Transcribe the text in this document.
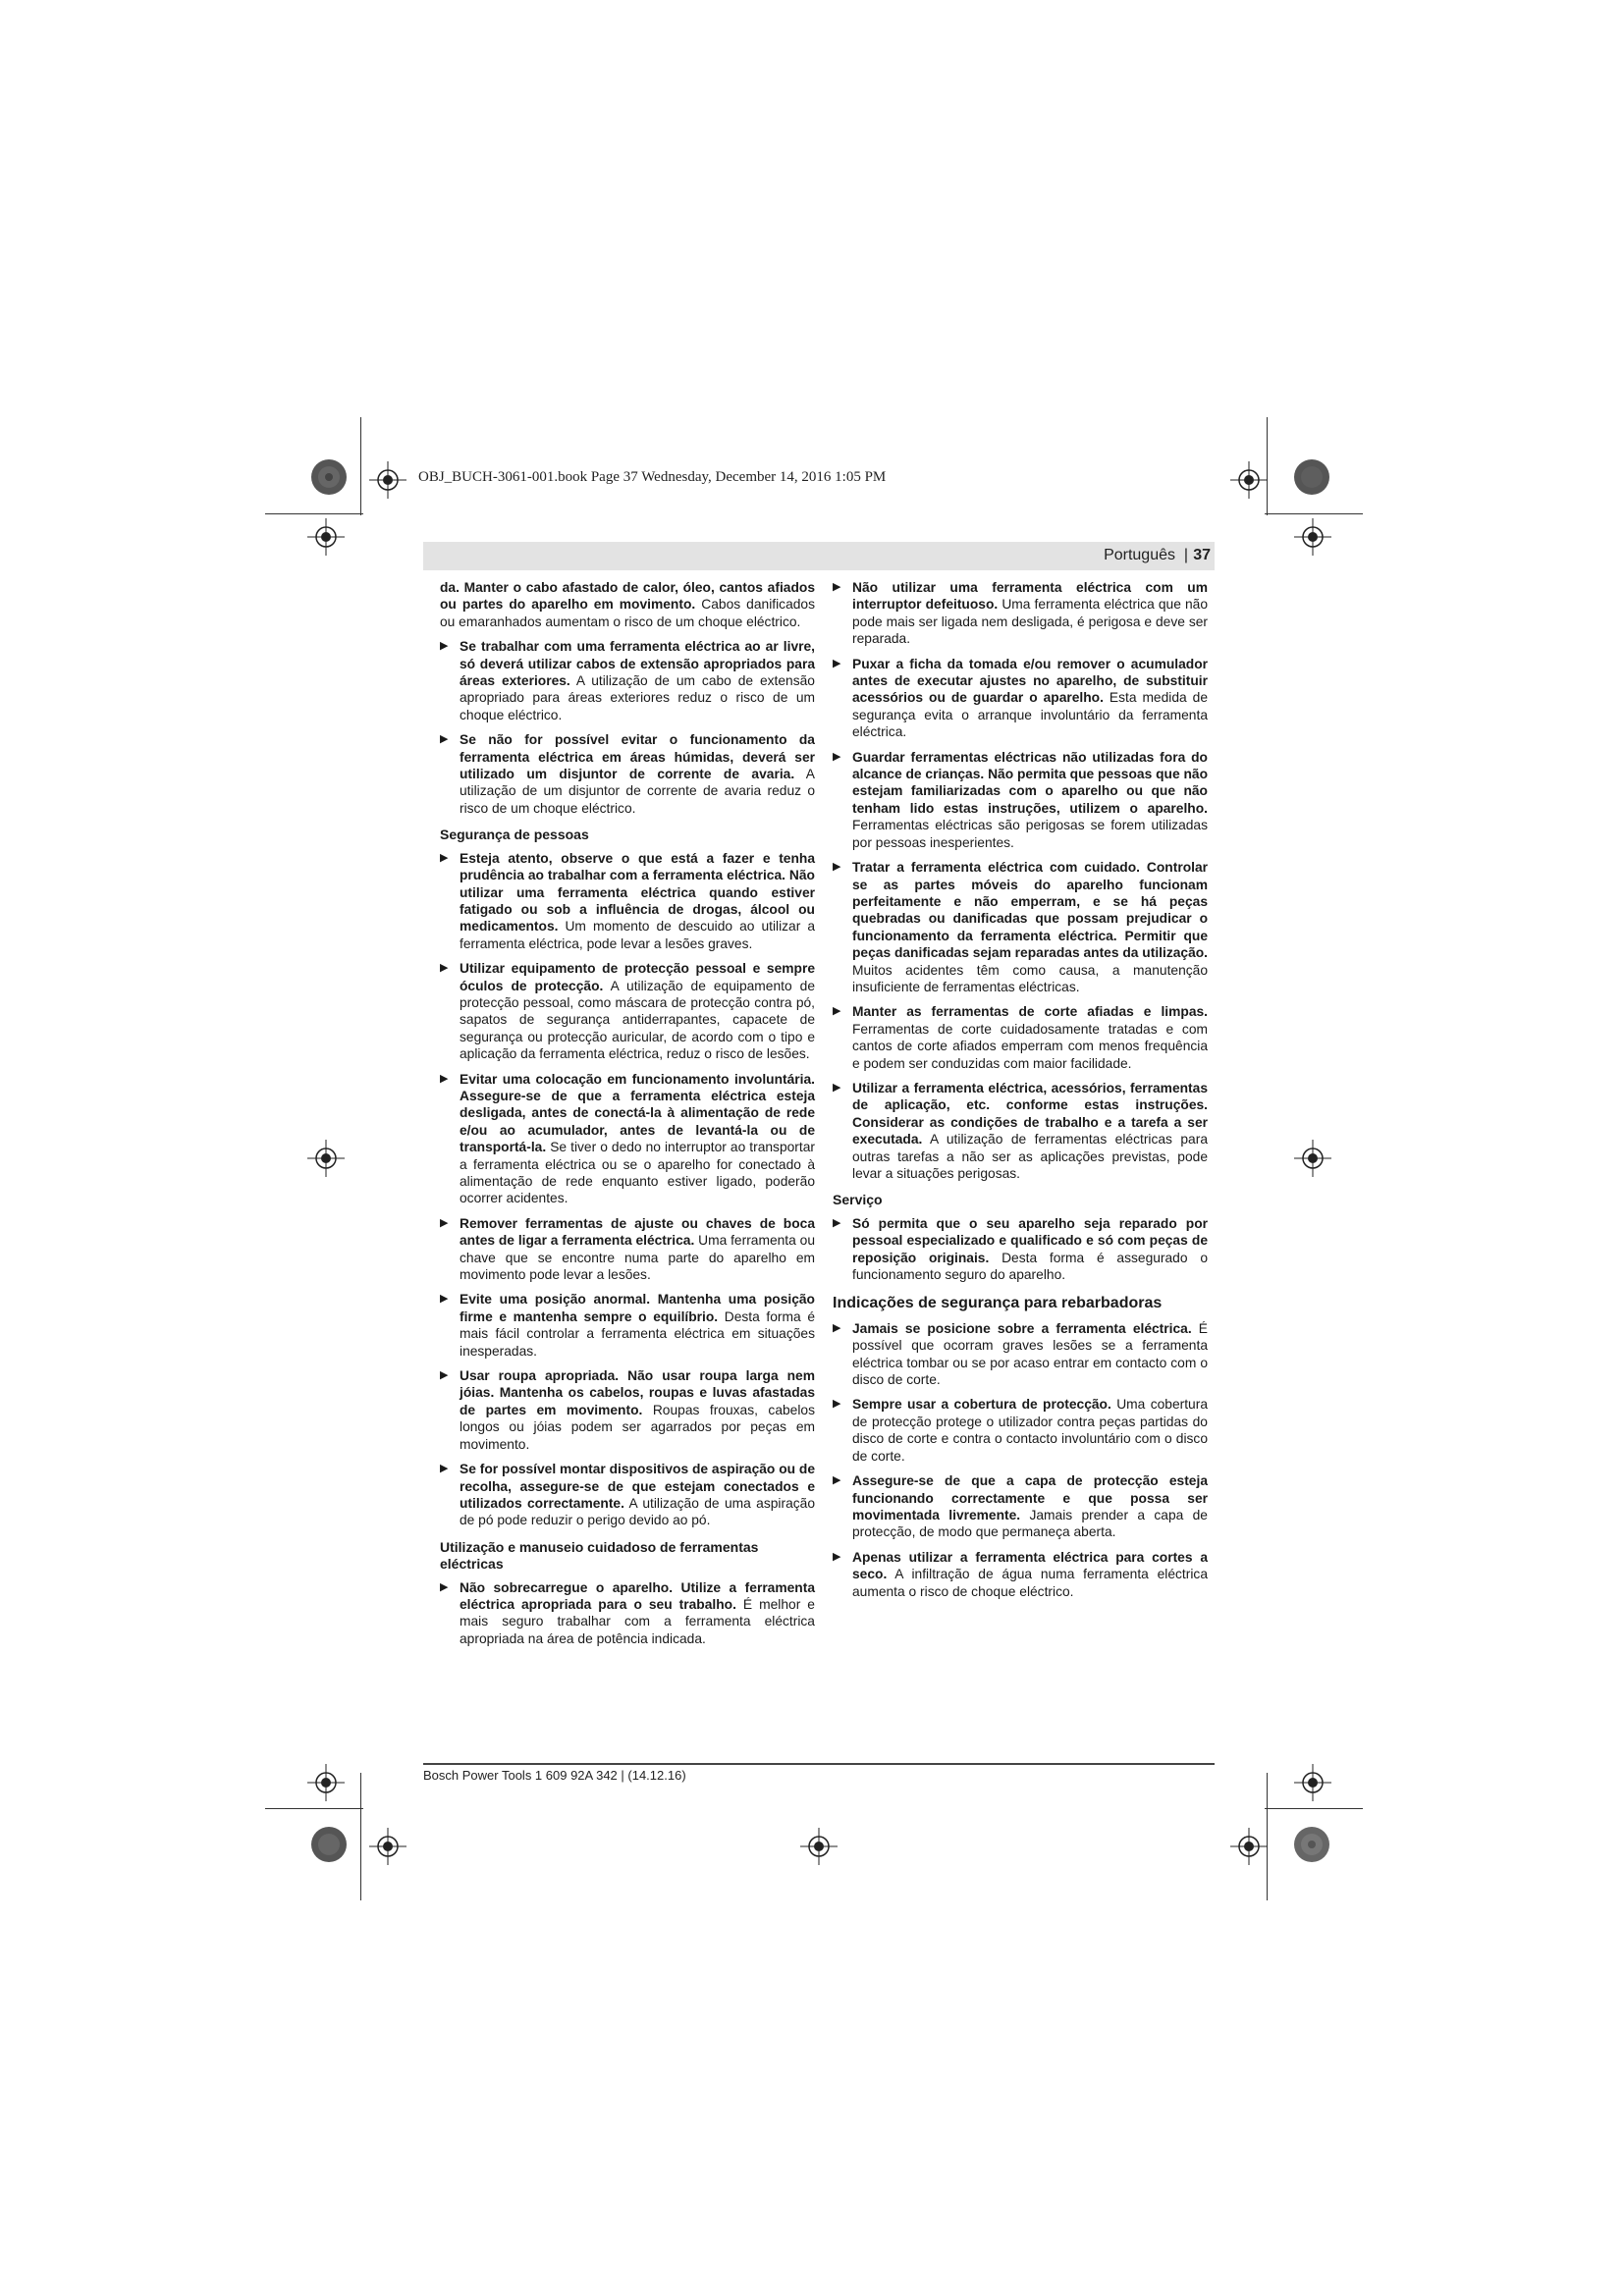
OBJ_BUCH-3061-001.book Page 37 Wednesday, December 14, 2016 1:05 PM
Português | 37

da. Manter o cabo afastado de calor, óleo, cantos afiados ou partes do aparelho em movimento. Cabos danificados ou emaranhados aumentam o risco de um choque eléctrico.

▶ Se trabalhar com uma ferramenta eléctrica ao ar livre, só deverá utilizar cabos de extensão apropriados para áreas exteriores. A utilização de um cabo de extensão apropriado para áreas exteriores reduz o risco de um choque eléctrico.
▶ Se não for possível evitar o funcionamento da ferramenta eléctrica em áreas húmidas, deverá ser utilizado um disjuntor de corrente de avaria. A utilização de um disjuntor de corrente de avaria reduz o risco de um choque eléctrico.
Segurança de pessoas
▶ Esteja atento, observe o que está a fazer e tenha prudência ao trabalhar com a ferramenta eléctrica. Não utilizar uma ferramenta eléctrica quando estiver fatigado ou sob a influência de drogas, álcool ou medicamentos. Um momento de descuido ao utilizar a ferramenta eléctrica, pode levar a lesões graves.
▶ Utilizar equipamento de protecção pessoal e sempre óculos de protecção. A utilização de equipamento de protecção pessoal, como máscara de protecção contra pó, sapatos de segurança antiderrapantes, capacete de segurança ou protecção auricular, de acordo com o tipo e aplicação da ferramenta eléctrica, reduz o risco de lesões.
▶ Evitar uma colocação em funcionamento involuntária. Assegure-se de que a ferramenta eléctrica esteja desligada, antes de conectá-la à alimentação de rede e/ou ao acumulador, antes de levantá-la ou de transportá-la. Se tiver o dedo no interruptor ao transportar a ferramenta eléctrica ou se o aparelho for conectado à alimentação de rede enquanto estiver ligado, poderão ocorrer acidentes.
▶ Remover ferramentas de ajuste ou chaves de boca antes de ligar a ferramenta eléctrica. Uma ferramenta ou chave que se encontre numa parte do aparelho em movimento pode levar a lesões.
▶ Evite uma posição anormal. Mantenha uma posição firme e mantenha sempre o equilíbrio. Desta forma é mais fácil controlar a ferramenta eléctrica em situações inesperadas.
▶ Usar roupa apropriada. Não usar roupa larga nem jóias. Mantenha os cabelos, roupas e luvas afastadas de partes em movimento. Roupas frouxas, cabelos longos ou jóias podem ser agarrados por peças em movimento.
▶ Se for possível montar dispositivos de aspiração ou de recolha, assegure-se de que estejam conectados e utilizados correctamente. A utilização de uma aspiração de pó pode reduzir o perigo devido ao pó.
Utilização e manuseio cuidadoso de ferramentas eléctricas
▶ Não sobrecarregue o aparelho. Utilize a ferramenta eléctrica apropriada para o seu trabalho. É melhor e mais seguro trabalhar com a ferramenta eléctrica apropriada na área de potência indicada.
▶ Não utilizar uma ferramenta eléctrica com um interruptor defeituoso. Uma ferramenta eléctrica que não pode mais ser ligada nem desligada, é perigosa e deve ser reparada.
▶ Puxar a ficha da tomada e/ou remover o acumulador antes de executar ajustes no aparelho, de substituir acessórios ou de guardar o aparelho. Esta medida de segurança evita o arranque involuntário da ferramenta eléctrica.
▶ Guardar ferramentas eléctricas não utilizadas fora do alcance de crianças. Não permita que pessoas que não estejam familiarizadas com o aparelho ou que não tenham lido estas instruções, utilizem o aparelho. Ferramentas eléctricas são perigosas se forem utilizadas por pessoas inesperientes.
▶ Tratar a ferramenta eléctrica com cuidado. Controlar se as partes móveis do aparelho funcionam perfeitamente e não emperram, e se há peças quebradas ou danificadas que possam prejudicar o funcionamento da ferramenta eléctrica. Permitir que peças danificadas sejam reparadas antes da utilização. Muitos acidentes têm como causa, a manutenção insuficiente de ferramentas eléctricas.
▶ Manter as ferramentas de corte afiadas e limpas. Ferramentas de corte cuidadosamente tratadas e com cantos de corte afiados emperram com menos frequência e podem ser conduzidas com maior facilidade.
▶ Utilizar a ferramenta eléctrica, acessórios, ferramentas de aplicação, etc. conforme estas instruções. Considerar as condições de trabalho e a tarefa a ser executada. A utilização de ferramentas eléctricas para outras tarefas a não ser as aplicações previstas, pode levar a situações perigosas.
Serviço
▶ Só permita que o seu aparelho seja reparado por pessoal especializado e qualificado e só com peças de reposição originais. Desta forma é assegurado o funcionamento seguro do aparelho.
Indicações de segurança para rebarbadoras
▶ Jamais se posicione sobre a ferramenta eléctrica. É possível que ocorram graves lesões se a ferramenta eléctrica tombar ou se por acaso entrar em contacto com o disco de corte.
▶ Sempre usar a cobertura de protecção. Uma cobertura de protecção protege o utilizador contra peças partidas do disco de corte e contra o contacto involuntário com o disco de corte.
▶ Assegure-se de que a capa de protecção esteja funcionando correctamente e que possa ser movimentada livremente. Jamais prender a capa de protecção, de modo que permaneça aberta.
▶ Apenas utilizar a ferramenta eléctrica para cortes a seco. A infiltração de água numa ferramenta eléctrica aumenta o risco de choque eléctrico.
Bosch Power Tools 1 609 92A 342 | (14.12.16)
